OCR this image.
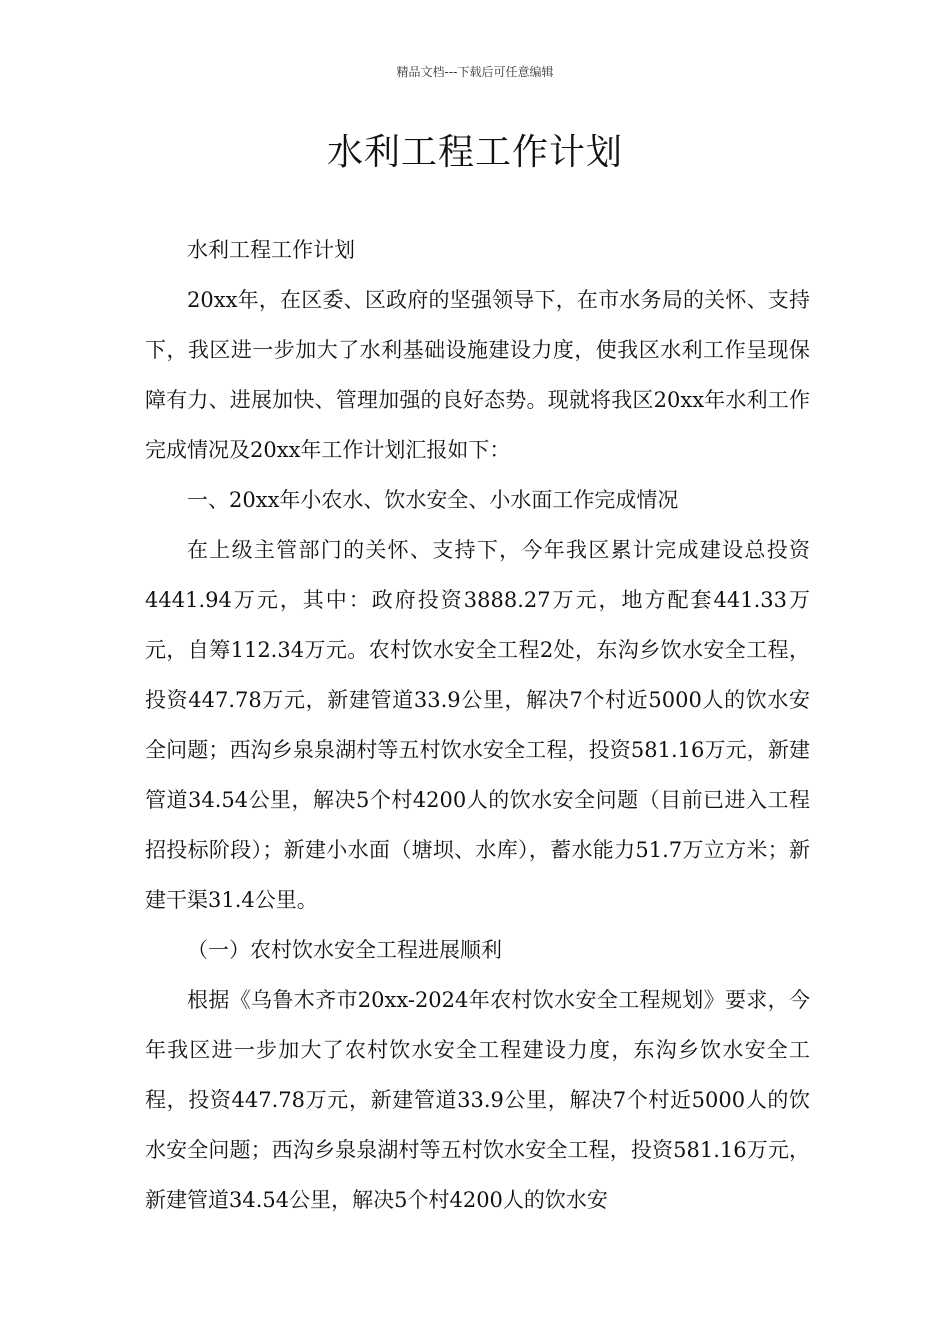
精品文档---下载后可任意编辑
水利工程工作计划

水利工程工作计划

20xx年，在区委、区政府的坚强领导下，在市水务局的关怀、支持下，我区进一步加大了水利基础设施建设力度，使我区水利工作呈现保障有力、进展加快、管理加强的良好态势。现就将我区20xx年水利工作完成情况及20xx年工作计划汇报如下：

一、20xx年小农水、饮水安全、小水面工作完成情况

在上级主管部门的关怀、支持下，今年我区累计完成建设总投资4441.94万元，其中：政府投资3888.27万元，地方配套441.33万元，自筹112.34万元。农村饮水安全工程2处，东沟乡饮水安全工程，投资447.78万元，新建管道33.9公里，解决7个村近5000人的饮水安全问题；西沟乡泉泉湖村等五村饮水安全工程，投资581.16万元，新建管道34.54公里，解决5个村4200人的饮水安全问题（目前已进入工程招投标阶段）；新建小水面（塘坝、水库），蓄水能力51.7万立方米；新建干渠31.4公里。

（一）农村饮水安全工程进展顺利

根据《乌鲁木齐市20xx-2024年农村饮水安全工程规划》要求，今年我区进一步加大了农村饮水安全工程建设力度，东沟乡饮水安全工程，投资447.78万元，新建管道33.9公里，解决7个村近5000人的饮水安全问题；西沟乡泉泉湖村等五村饮水安全工程，投资581.16万元，新建管道34.54公里，解决5个村4200人的饮水安
